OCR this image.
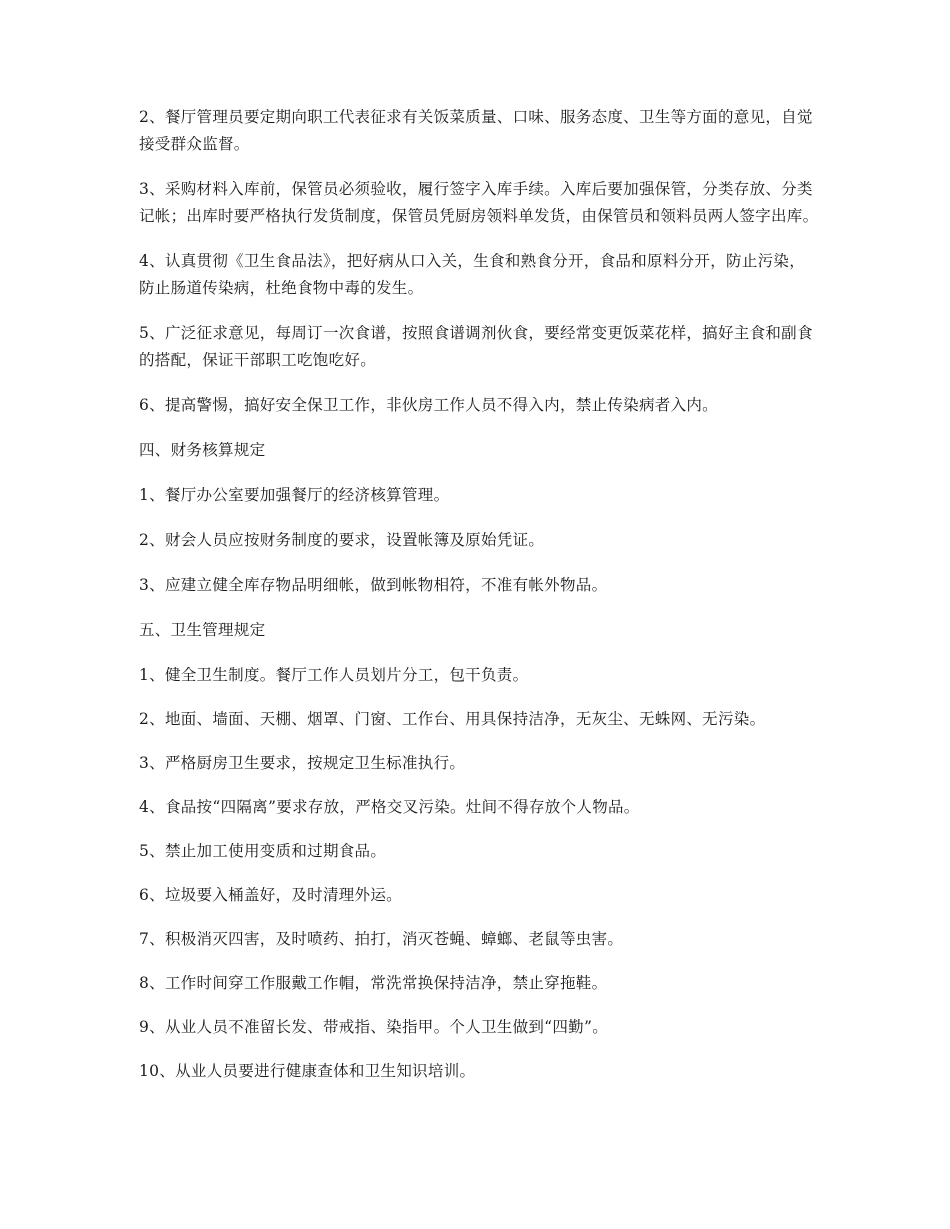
2、餐厅管理员要定期向职工代表征求有关饭菜质量、口味、服务态度、卫生等方面的意见，自觉接受群众监督。

3、采购材料入库前，保管员必须验收，履行签字入库手续。入库后要加强保管，分类存放、分类记帐；出库时要严格执行发货制度，保管员凭厨房领料单发货，由保管员和领料员两人签字出库。

4、认真贯彻《卫生食品法》，把好病从口入关，生食和熟食分开，食品和原料分开，防止污染，防止肠道传染病，杜绝食物中毒的发生。

5、广泛征求意见，每周订一次食谱，按照食谱调剂伙食，要经常变更饭菜花样，搞好主食和副食的搭配，保证干部职工吃饱吃好。

6、提高警惕，搞好安全保卫工作，非伙房工作人员不得入内，禁止传染病者入内。

四、财务核算规定

1、餐厅办公室要加强餐厅的经济核算管理。

2、财会人员应按财务制度的要求，设置帐簿及原始凭证。

3、应建立健全库存物品明细帐，做到帐物相符，不准有帐外物品。

五、卫生管理规定

1、健全卫生制度。餐厅工作人员划片分工，包干负责。

2、地面、墙面、天棚、烟罩、门窗、工作台、用具保持洁净，无灰尘、无蛛网、无污染。

3、严格厨房卫生要求，按规定卫生标准执行。

4、食品按“四隔离”要求存放，严格交叉污染。灶间不得存放个人物品。

5、禁止加工使用变质和过期食品。

6、垃圾要入桶盖好，及时清理外运。

7、积极消灭四害，及时喷药、拍打，消灭苍蝇、蟑螂、老鼠等虫害。

8、工作时间穿工作服戴工作帽，常洗常换保持洁净，禁止穿拖鞋。

9、从业人员不准留长发、带戒指、染指甲。个人卫生做到“四勤”。

10、从业人员要进行健康查体和卫生知识培训。
